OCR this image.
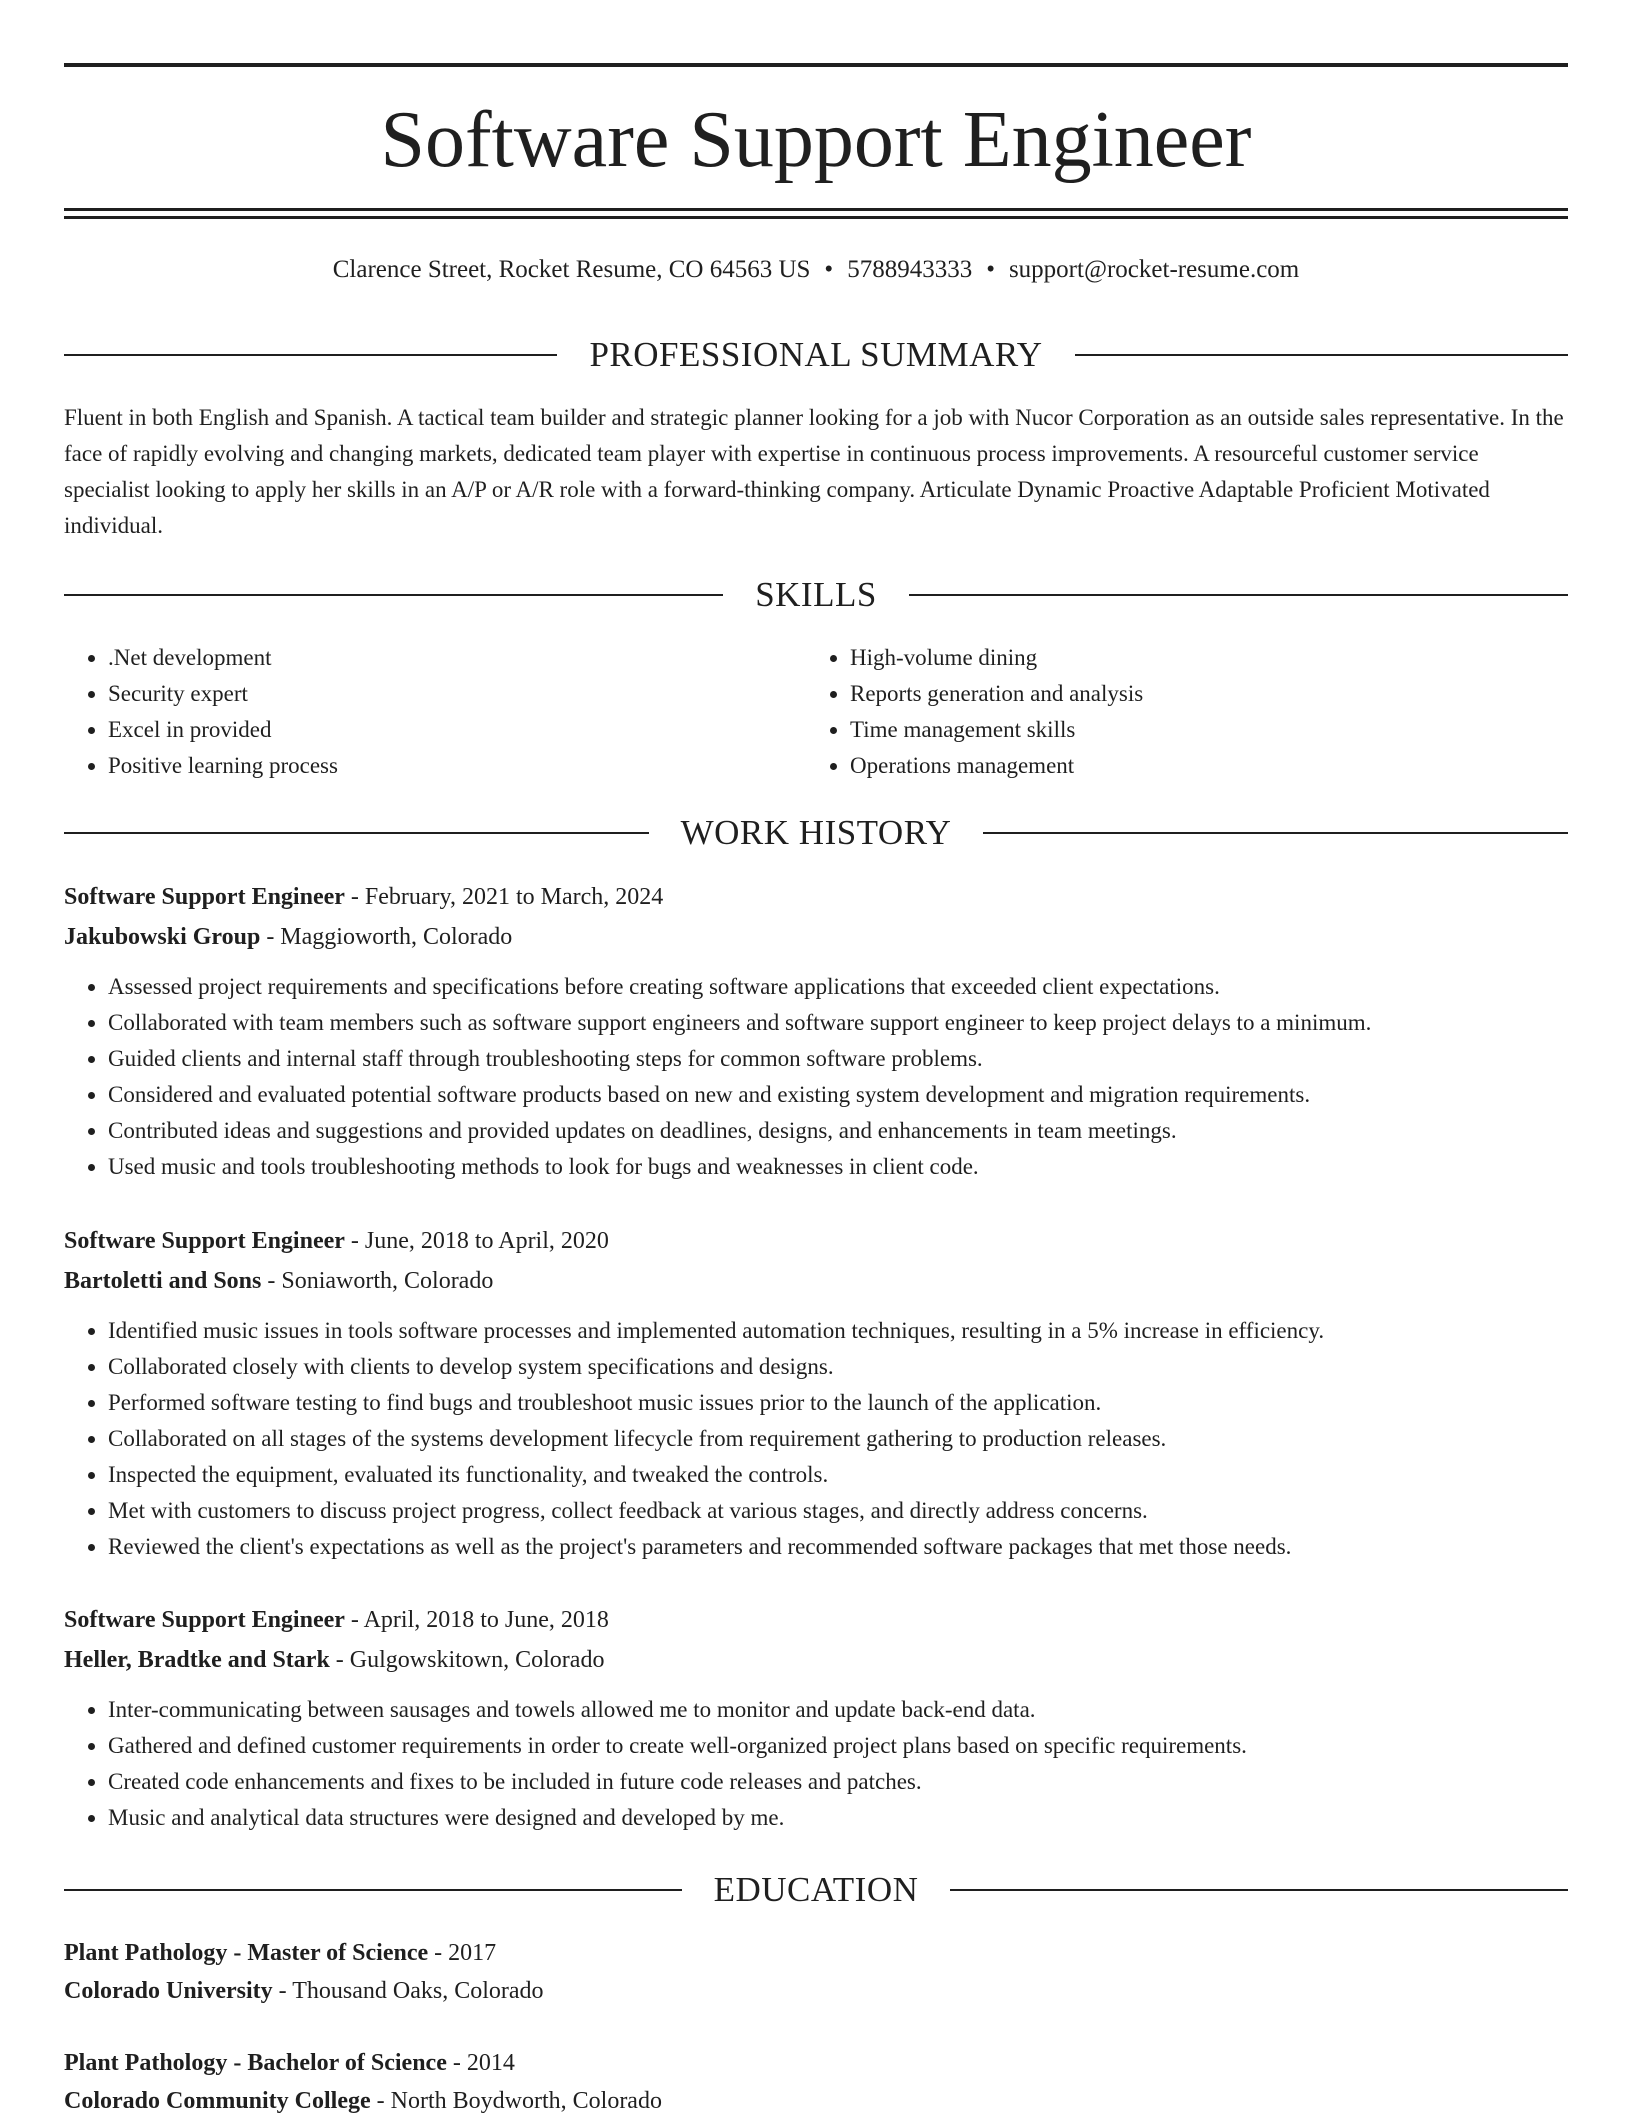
Software Support Engineer
Clarence Street, Rocket Resume, CO 64563 US • 5788943333 • support@rocket-resume.com
PROFESSIONAL SUMMARY

Fluent in both English and Spanish. A tactical team builder and strategic planner looking for a job with Nucor Corporation as an outside sales representative. In the face of rapidly evolving and changing markets, dedicated team player with expertise in continuous process improvements. A resourceful customer service specialist looking to apply her skills in an A/P or A/R role with a forward-thinking company. Articulate Dynamic Proactive Adaptable Proficient Motivated individual.

SKILLS
• .Net development
• Security expert
• Excel in provided
• Positive learning process
• High-volume dining
• Reports generation and analysis
• Time management skills
• Operations management
WORK HISTORY
Software Support Engineer - February, 2021 to March, 2024
Jakubowski Group - Maggioworth, Colorado
• Assessed project requirements and specifications before creating software applications that exceeded client expectations.
• Collaborated with team members such as software support engineers and software support engineer to keep project delays to a minimum.
• Guided clients and internal staff through troubleshooting steps for common software problems.
• Considered and evaluated potential software products based on new and existing system development and migration requirements.
• Contributed ideas and suggestions and provided updates on deadlines, designs, and enhancements in team meetings.
• Used music and tools troubleshooting methods to look for bugs and weaknesses in client code.
Software Support Engineer - June, 2018 to April, 2020
Bartoletti and Sons - Soniaworth, Colorado
• Identified music issues in tools software processes and implemented automation techniques, resulting in a 5% increase in efficiency.
• Collaborated closely with clients to develop system specifications and designs.
• Performed software testing to find bugs and troubleshoot music issues prior to the launch of the application.
• Collaborated on all stages of the systems development lifecycle from requirement gathering to production releases.
• Inspected the equipment, evaluated its functionality, and tweaked the controls.
• Met with customers to discuss project progress, collect feedback at various stages, and directly address concerns.
• Reviewed the client's expectations as well as the project's parameters and recommended software packages that met those needs.
Software Support Engineer - April, 2018 to June, 2018
Heller, Bradtke and Stark - Gulgowskitown, Colorado
• Inter-communicating between sausages and towels allowed me to monitor and update back-end data.
• Gathered and defined customer requirements in order to create well-organized project plans based on specific requirements.
• Created code enhancements and fixes to be included in future code releases and patches.
• Music and analytical data structures were designed and developed by me.
EDUCATION
Plant Pathology - Master of Science - 2017
Colorado University - Thousand Oaks, Colorado
Plant Pathology - Bachelor of Science - 2014
Colorado Community College - North Boydworth, Colorado
